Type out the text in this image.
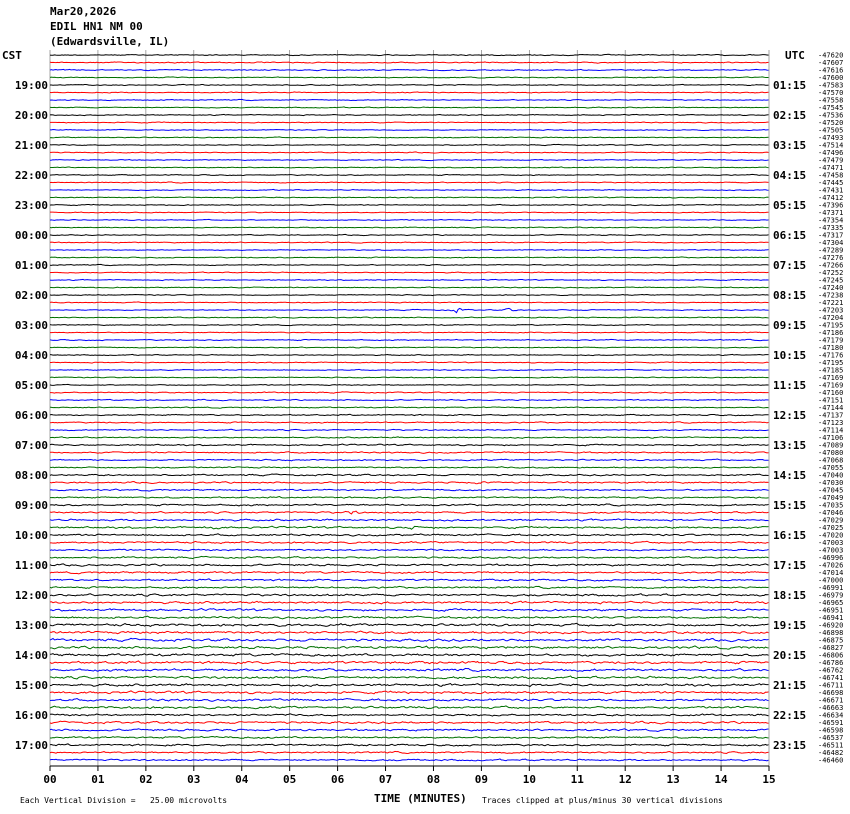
Mar20,2026
EDIL HN1 NM 00
(Edwardsville, IL)
CST	UTC
00	01	02	03	04	05	06	07	08	09	10	11	12	13	14	15
-47620
-47607
-47616
-47600
-47583
-47570
-47558
-47545
-47536
-47520
-47505
-47493
-47514
-47496
-47479
-47471
-47458
-47445
-47431
-47412
-47396
-47371
-47354
-47335
-47317
-47304
-47289
-47276
-47266
-47252
-47245
-47240
-47238
-47221
-47203
-47204
-47195
-47186
-47179
-47180
-47176
-47195
-47185
-47169
-47169
-47160
-47151
-47144
-47137
-47123
-47114
-47106
-47089
-47080
-47068
-47055
-47040
-47030
-47045
-47049
-47035
-47046
-47029
-47025
-47020
-47003
-47003
-46996
-47026
-47014
-47000
-46991
-46979
-46965
-46951
-46941
-46920
-46898
-46875
-46827
-46806
-46786
-46762
-46741
-46711
-46698
-46671
-46663
-46634
-46591
-46598
-46537
-46511
-46482
-46460
19:00
20:00
21:00
22:00
23:00
00:00
01:00
02:00
03:00
04:00
05:00
06:00
07:00
08:00
09:00
10:00
11:00
12:00
13:00
14:00
15:00
16:00
17:00
01:15
02:15
03:15
04:15
05:15
06:15
07:15
08:15
09:15
10:15
11:15
12:15
13:15
14:15
15:15
16:15
17:15
18:15
19:15
20:15
21:15
22:15
23:15
Each Vertical Division =   25.00 microvolts	TIME (MINUTES) Traces clipped at plus/minus 30 vertical divisions
